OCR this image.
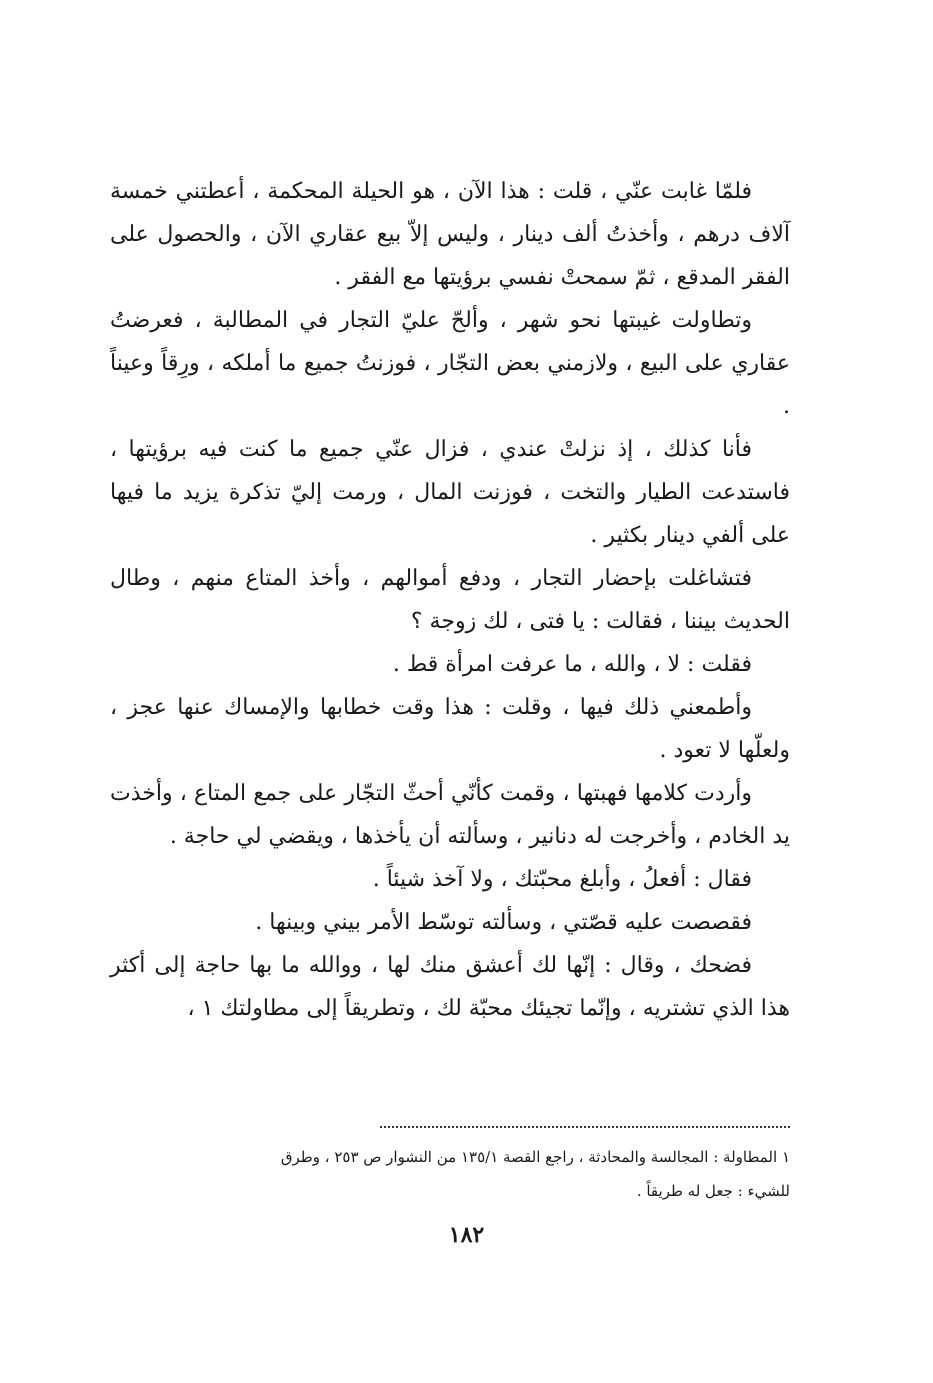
فلمّا غابت عنّي ، قلت : هذا الآن ، هو الحيلة المحكمة ، أعطتني خمسة آلاف درهم ، وأخذتُ ألف دينار ، وليس إلاّ بيع عقاري الآن ، والحصول على الفقر المدقع ، ثمّ سمحتْ نفسي برؤيتها مع الفقر .

وتطاولت غيبتها نحو شهر ، وألحّ عليّ التجار في المطالبة ، فعرضتُ عقاري على البيع ، ولازمني بعض التجّار ، فوزنتُ جميع ما أملكه ، ورِقاً وعيناً .

فأنا كذلك ، إذ نزلتْ عندي ، فزال عنّي جميع ما كنت فيه برؤيتها ، فاستدعت الطيار والتخت ، فوزنت المال ، ورمت إليّ تذكرة يزيد ما فيها على ألفي دينار بكثير .

فتشاغلت بإحضار التجار ، ودفع أموالهم ، وأخذ المتاع منهم ، وطال الحديث بيننا ، فقالت : يا فتى ، لك زوجة ؟

فقلت : لا ، والله ، ما عرفت امرأة قط .

وأطمعني ذلك فيها ، وقلت : هذا وقت خطابها والإمساك عنها عجز ، ولعلّها لا تعود .

وأردت كلامها فهبتها ، وقمت كأنّي أحثّ التجّار على جمع المتاع ، وأخذت يد الخادم ، وأخرجت له دنانير ، وسألته أن يأخذها ، ويقضي لي حاجة .

فقال : أفعلُ ، وأبلغ محبّتك ، ولا آخذ شيئاً .

فقصصت عليه قصّتي ، وسألته توسّط الأمر بيني وبينها .

فضحك ، وقال : إنّها لك أعشق منك لها ، ووالله ما بها حاجة إلى أكثر هذا الذي تشتريه ، وإنّما تجيئك محبّة لك ، وتطريقاً إلى مطاولتك ١ ،

١ المطاولة : المجالسة والمحادثة ، راجع القصة ١٣٥/١ من النشوار ص ٢٥٣ ، وطرق

للشيء : جعل له طريقاً .

١٨٢
